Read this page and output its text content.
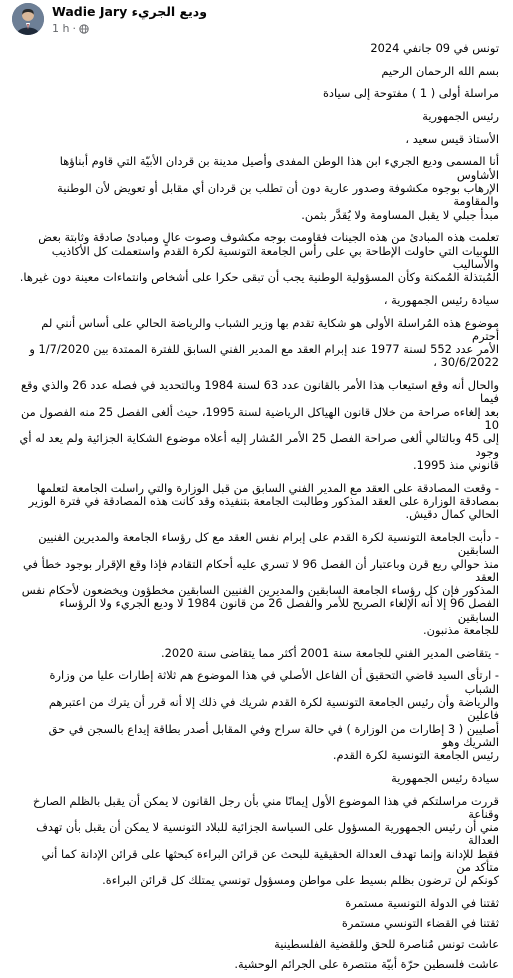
Wadie Jary وديع الجريء
1 h ·

تونس في 09 جانفي 2024

بسم الله الرحمان الرحيم

مراسلة أولى ( 1 ) مفتوحة إلى سيادة

رئيس الجمهورية

الأستاذ قيس سعيد ،

أنا المسمى وديع الجريء ابن هذا الوطن المفدى وأصيل مدينة بن قردان الأبيّة التي قاوم أبناؤها الأشاوس
الإرهاب بوجوه مكشوفة وصدور عارية دون أن تطلب بن قردان أي مقابل أو تعويض لأن الوطنية والمقاومة
مبدأ جبلي لا يقبل المساومة ولا يُقدَّر بثمن.

تعلمت هذه المبادئ من هذه الجينات فقاومت بوجه مكشوف وصوت عالٍ ومبادئ صادقة وثابتة بعض
اللوبيات التي حاولت الإطاحة بي على رأس الجامعة التونسية لكرة القدم واستعملت كل الأكاذيب والأساليب
المُبتذلة المُمكنة وكأن المسؤولية الوطنية يجب أن تبقى حكرا على أشخاص وانتماءات معينة دون غيرها.

سيادة رئيس الجمهورية ،

موضوع هذه المُراسلة الأولى هو شكاية تقدم بها وزير الشباب والرياضة الحالي على أساس أنني لم أحترم
الأمر عدد 552 لسنة 1977 عند إبرام العقد مع المدير الفني السابق للفترة الممتدة بين 1/7/2020 و
30/6/2022 ،

والحال أنه وقع استيعاب هذا الأمر بالقانون عدد 63 لسنة 1984 وبالتحديد في فصله عدد 26 والذي وقع فيما
بعد إلغاءه صراحة من خلال قانون الهياكل الرياضية لسنة 1995، حيث ألغى الفصل 25 منه الفصول من 10
إلى 45 وبالتالي ألغى صراحة الفصل 25 الأمر المُشار إليه أعلاه موضوع الشكاية الجزائية ولم يعد له أي وجود
قانوني منذ 1995.

- وقعت المصادقة على العقد مع المدير الفني السابق من قبل الوزارة والتي راسلت الجامعة لتعلمها
بمصادقة الوزارة على العقد المذكور وطالبت الجامعة بتنفيذه وقد كانت هذه المصادقة في فترة الوزير
الحالي كمال دقيش.

- دأبت الجامعة التونسية لكرة القدم على إبرام نفس العقد مع كل رؤساء الجامعة والمديرين الفنيين السابقين
منذ حوالي ربع قرن وباعتبار أن الفصل 96 لا تسري عليه أحكام التقادم فإذا وقع الإقرار بوجود خطأ في العقد
المذكور فإن كل رؤساء الجامعة السابقين والمديرين الفنيين السابقين مخطؤون ويخضعون لأحكام نفس
الفصل 96 إلا أنه الإلغاء الصريح للأمر والفصل 26 من قانون 1984 لا وديع الجريء ولا الرؤساء السابقين
للجامعة مذنبون.

- يتقاضى المدير الفني للجامعة سنة 2001 أكثر مما يتقاضى سنة 2020.

- ارتأى السيد قاضي التحقيق أن الفاعل الأصلي في هذا الموضوع هم ثلاثة إطارات عليا من وزارة الشباب
والرياضة وأن رئيس الجامعة التونسية لكرة القدم شريك في ذلك إلا أنه قرر أن يترك من اعتبرهم فاعلين
أصليين ( 3 إطارات من الوزارة ) في حالة سراح وفي المقابل أصدر بطاقة إيداع بالسجن في حق الشريك وهو
رئيس الجامعة التونسية لكرة القدم.

سيادة رئيس الجمهورية

قررت مراسلتكم في هذا الموضوع الأول إيمانًا مني بأن رجل القانون لا يمكن أن يقبل بالظلم الصارخ وقناعة
مني أن رئيس الجمهورية المسؤول على السياسة الجزائية للبلاد التونسية لا يمكن أن يقبل بأن تهدف العدالة
فقط للإدانة وإنما تهدف العدالة الحقيقية للبحث عن قرائن البراءة كبحثها على قرائن الإدانة كما أني متأكد من
كونكم لن ترضون بظلم بسيط على مواطن ومسؤول تونسي يمتلك كل قرائن البراءة.

ثقتنا في الدولة التونسية مستمرة

ثقتنا في القضاء التونسي مستمرة

عاشت تونس مُناصرة للحق وللقضية الفلسطينية

عاشت فلسطين حرّة أبيّة منتصرة على الجرائم الوحشية.
